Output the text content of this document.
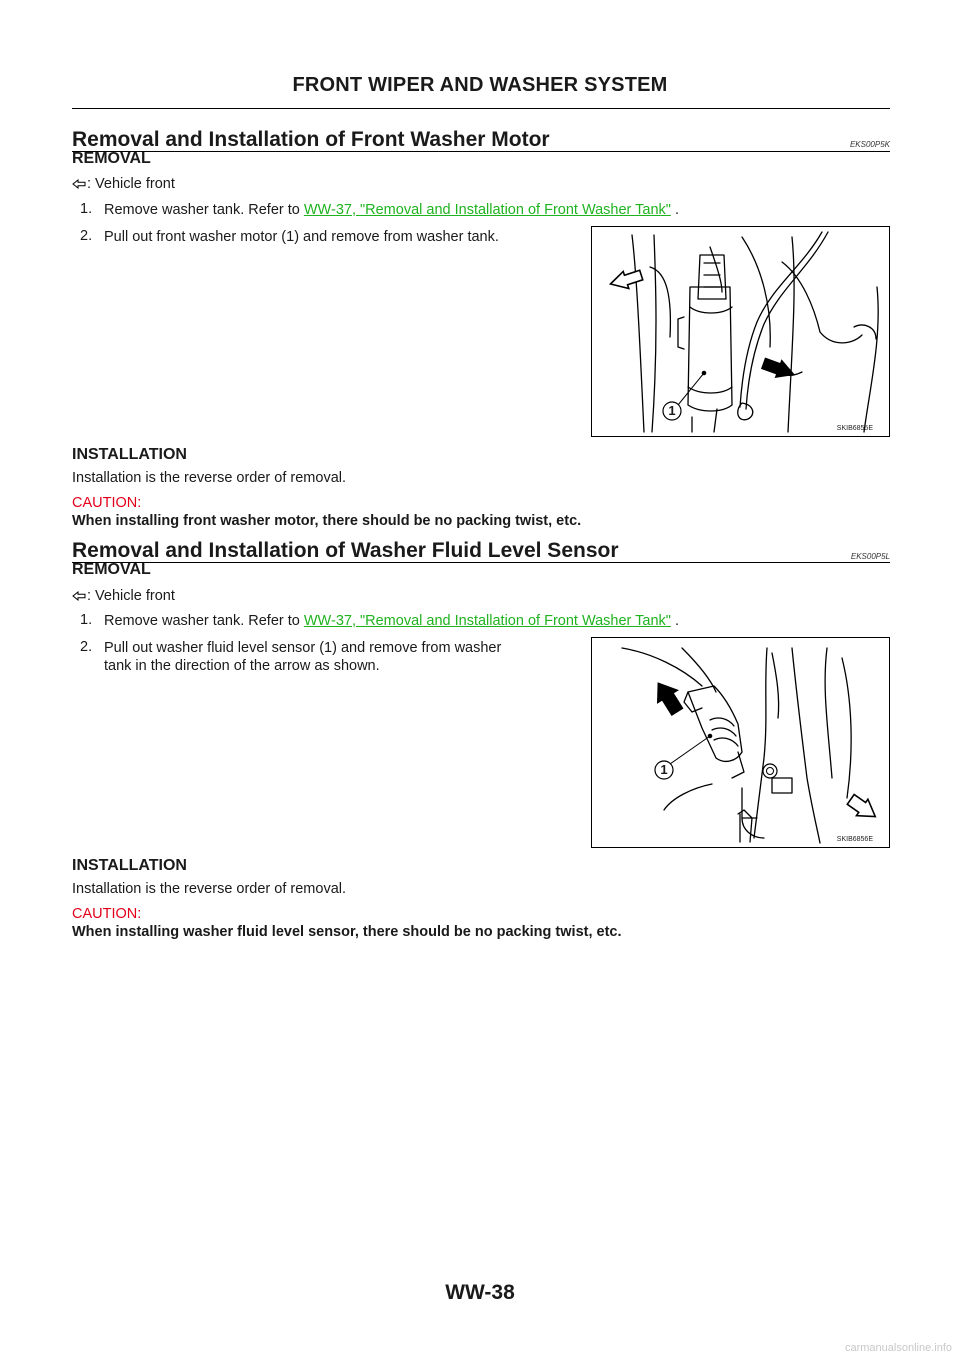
FRONT WIPER AND WASHER SYSTEM
Removal and Installation of Front Washer Motor	EKS00P5K
REMOVAL
: Vehicle front
1. Remove washer tank. Refer to WW-37, "Removal and Installation of Front Washer Tank" .
2. Pull out front washer motor (1) and remove from washer tank.
1
SKIB6855E
INSTALLATION
Installation is the reverse order of removal.
CAUTION:
When installing front washer motor, there should be no packing twist, etc.
Removal and Installation of Washer Fluid Level Sensor	EKS00P5L
REMOVAL
: Vehicle front
1. Remove washer tank. Refer to WW-37, "Removal and Installation of Front Washer Tank" .
2. Pull out washer fluid level sensor (1) and remove from washer
tank in the direction of the arrow as shown.
1
SKIB6856E
INSTALLATION
Installation is the reverse order of removal.
CAUTION:
When installing washer fluid level sensor, there should be no packing twist, etc.
WW-38
carmanualsonline.info
